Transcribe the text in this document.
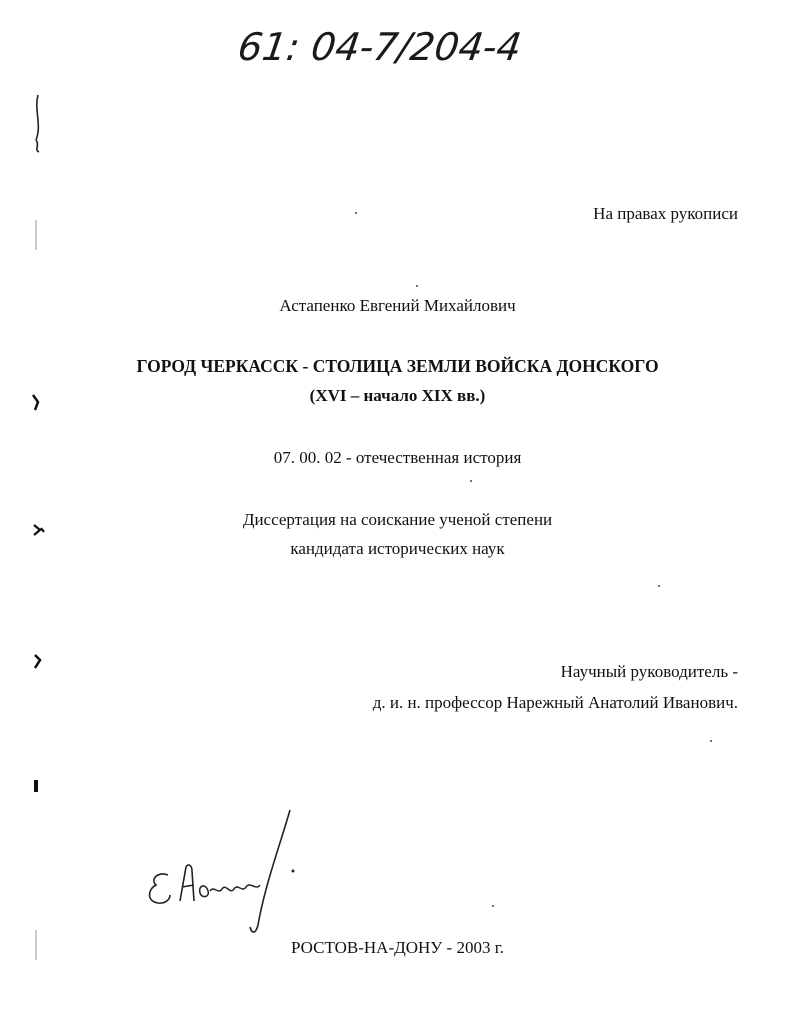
61: 04-7/204-4
На правах рукописи
Астапенко Евгений Михайлович
ГОРОД ЧЕРКАССК - СТОЛИЦА ЗЕМЛИ ВОЙСКА ДОНСКОГО
(XVI – начало XIX вв.)
07. 00. 02 - отечественная история
Диссертация на соискание ученой степени
кандидата исторических наук
Научный руководитель -
д. и. н. профессор Нарежный Анатолий Иванович.
РОСТОВ-НА-ДОНУ - 2003 г.
